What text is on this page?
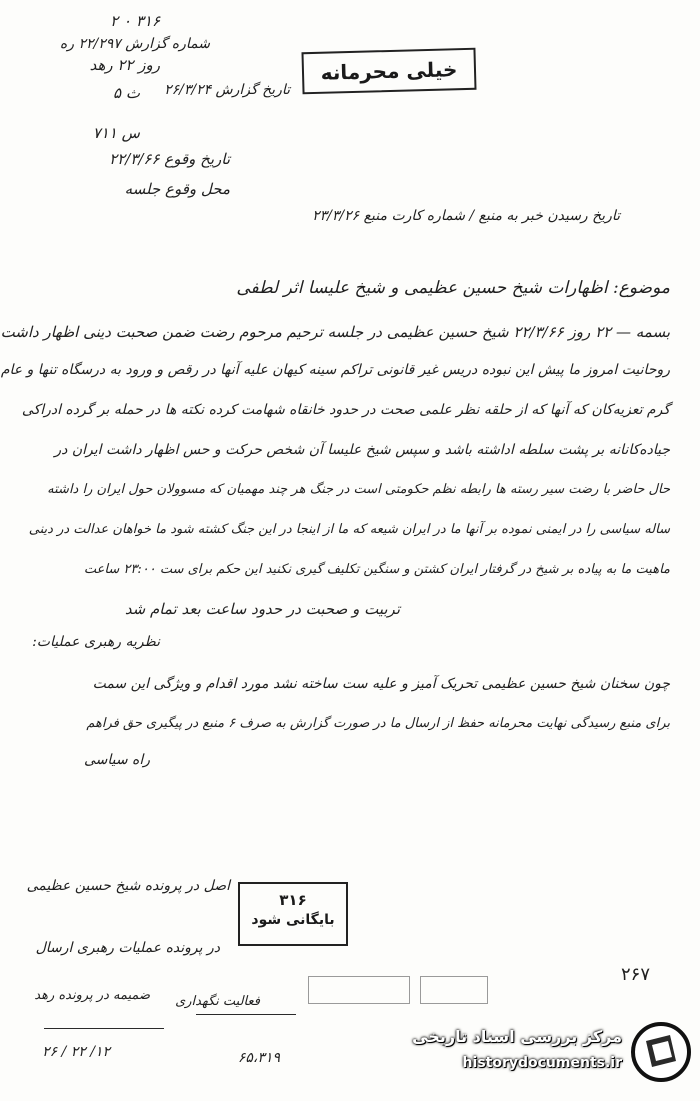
۳۱۶ ۰ ۲
روز ۲۲ رهد
ث ۵
شماره گزارش ۲۲/۲۹۷ ره
تاریخ گزارش ۲۶/۳/۲۴
خیلی محرمانه
س ۷۱۱
تاریخ وقوع ۲۲/۳/۶۶
محل وقوع جلسه
تاریخ رسیدن خبر به منبع / شماره کارت منبع ۲۳/۳/۲۶
موضوع: اظهارات شیخ حسین عظیمی و شیخ علیسا اثر لطفی
بسمه — ۲۲ روز ۲۲/۳/۶۶ شیخ حسین عظیمی در جلسه ترحیم مرحوم رضت ضمن صحبت دینی اظهار داشت
روحانیت امروز ما پیش این نبوده دریس غیر قانونی تراکم سینه کیهان علیه آنها در رقص و ورود به درسگاه تنها و عام
گرم تعزیه‌کان که آنها که از حلقه نظر علمی صحت در حدود خانقاه شهامت کرده نکته ها در حمله بر گرده ادراکی
جیاده‌کانانه بر پشت سلطه اداشته باشد و سپس شیخ علیسا آن شخص حرکت و حس اظهار داشت ایران در
حال حاضر با رضت سیر رسته ها رابطه نظم حکومتی است در جنگ هر چند مهمیان که مسوولان حول ایران را داشته
ساله سیاسی را در ایمنی نموده بر آنها ما در ایران شیعه که ما از اینجا در این جنگ کشته شود ما خواهان عدالت در دینی
ماهیت ما به پیاده بر شیخ در گرفتار ایران کشتن و سنگین تکلیف گیری نکنید این حکم برای ست ۲۳:۰۰ ساعت
تربیت و صحبت در حدود ساعت بعد تمام شد
نظریه رهبری عملیات:
چون سخنان شیخ حسین عظیمی تحریک آمیز و علیه ست ساخته نشد مورد اقدام و ویژگی این سمت
برای منبع رسیدگی نهایت محرمانه حفظ از ارسال ما در صورت گزارش به صرف ۶ منبع در پیگیری حق فراهم
راه سیاسی
اصل در پرونده شیخ حسین عظیمی
در پرونده عملیات رهبری ارسال
ضمیمه در پرونده رهد
۳۱۶
بایگانی شود
فعالیت نگهداری
۶۵،۳۱۹
۱۲/ ۲۲ / ۲۶
۲۶۷
مرکز بررسی اسناد تاریخی
historydocuments.ir
